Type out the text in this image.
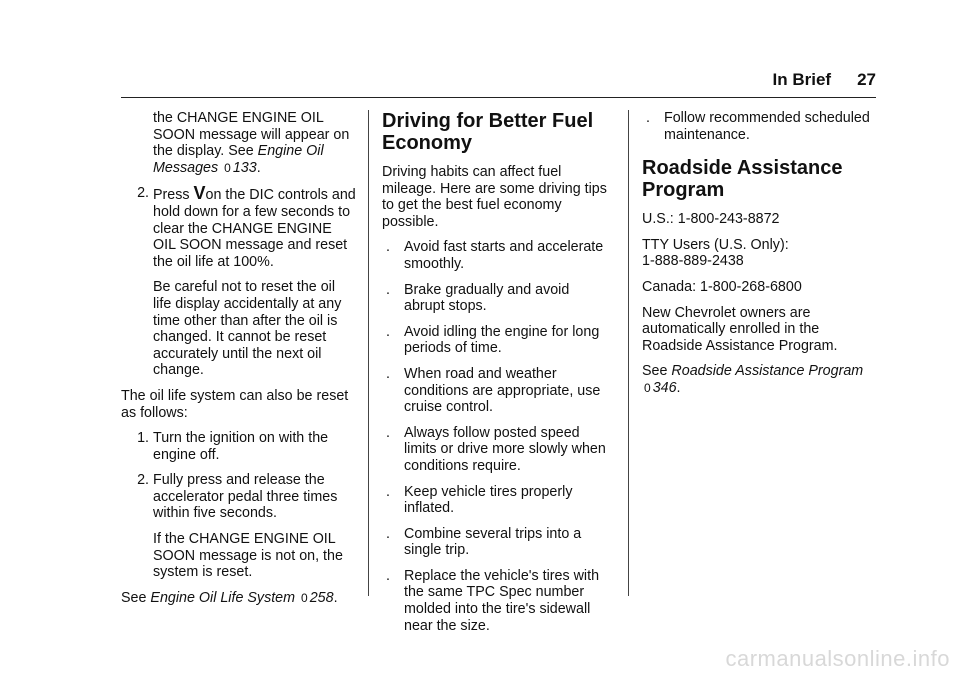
In Brief 27

the CHANGE ENGINE OIL SOON message will appear on the display. See Engine Oil Messages 0 133.

2. Press Von the DIC controls and hold down for a few seconds to clear the CHANGE ENGINE OIL SOON message and reset the oil life at 100%.

Be careful not to reset the oil life display accidentally at any time other than after the oil is changed. It cannot be reset accurately until the next oil change.

The oil life system can also be reset as follows:

1. Turn the ignition on with the engine off.
2. Fully press and release the accelerator pedal three times within five seconds.

If the CHANGE ENGINE OIL SOON message is not on, the system is reset.

See Engine Oil Life System 0 258.

Driving for Better Fuel Economy

Driving habits can affect fuel mileage. Here are some driving tips to get the best fuel economy possible.

. Avoid fast starts and accelerate smoothly.
. Brake gradually and avoid abrupt stops.
. Avoid idling the engine for long periods of time.
. When road and weather conditions are appropriate, use cruise control.
. Always follow posted speed limits or drive more slowly when conditions require.
. Keep vehicle tires properly inflated.
. Combine several trips into a single trip.
. Replace the vehicle's tires with the same TPC Spec number molded into the tire's sidewall near the size.
. Follow recommended scheduled maintenance.
Roadside Assistance Program

U.S.: 1-800-243-8872

TTY Users (U.S. Only):
1-888-889-2438

Canada: 1-800-268-6800

New Chevrolet owners are automatically enrolled in the Roadside Assistance Program.

See Roadside Assistance Program 0 346.

carmanualsonline.info
